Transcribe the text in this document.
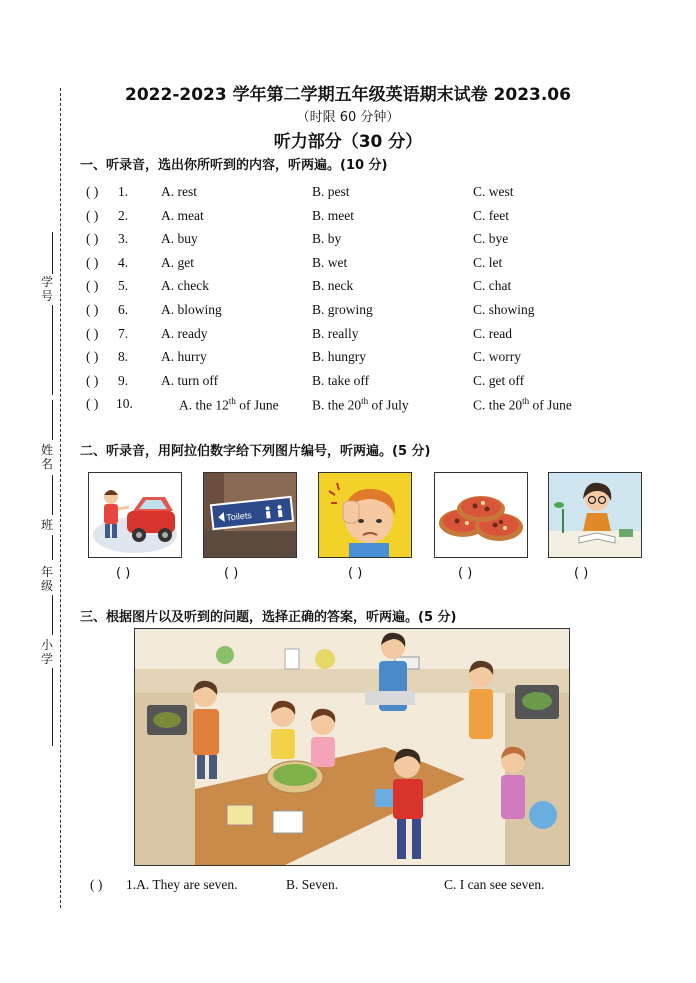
学号
姓名
班
年级
小学
2022-2023 学年第二学期五年级英语期末试卷 2023.06
（时限 60 分钟）
听力部分（30 分）
一、听录音，选出你所听到的内容，听两遍。(10 分)
( ) 1. A. rest	B. pest	C. west
( ) 2. A. meat	B. meet	C. feet
( ) 3. A. buy	B. by	C. bye
( ) 4. A. get	B. wet	C. let
( ) 5. A. check	B. neck	C. chat
( ) 6. A. blowing	B. growing	C. showing
( ) 7. A. ready	B. really	C. read
( ) 8. A. hurry	B. hungry	C. worry
( ) 9. A. turn off	B. take off	C. get off
( ) 10.	A. the 12th of June B. the 20th of July	C. the 20th of June
二、听录音，用阿拉伯数字给下列图片编号，听两遍。(5 分)
Toilets
( )	( )	( )	( )	( )
三、根据图片以及听到的问题，选择正确的答案，听两遍。(5 分)
( ) 1.A. They are seven.	B. Seven.	C. I can see seven.
